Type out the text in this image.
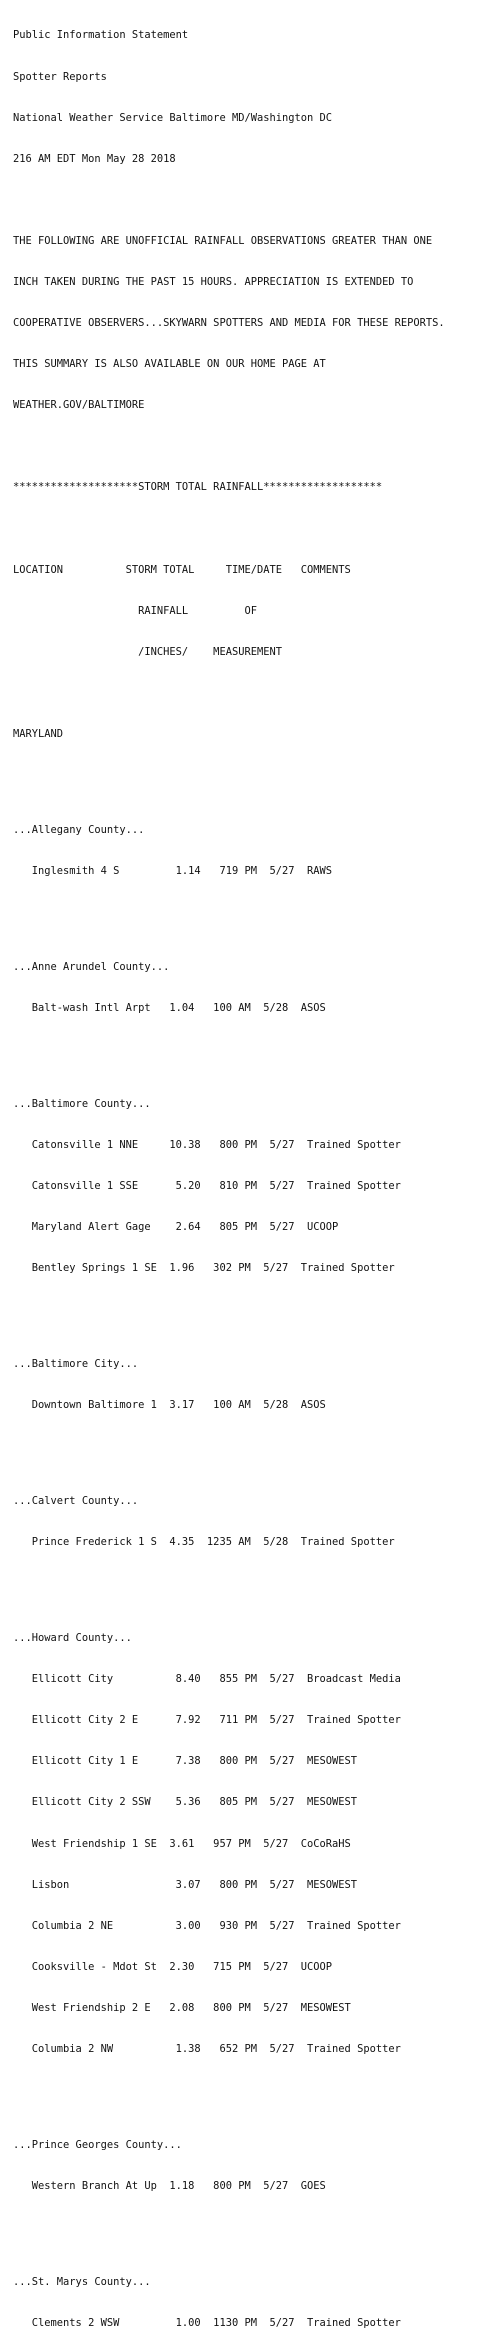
Public Information Statement

Spotter Reports

National Weather Service Baltimore MD/Washington DC

216 AM EDT Mon May 28 2018

THE FOLLOWING ARE UNOFFICIAL RAINFALL OBSERVATIONS GREATER THAN ONE

INCH TAKEN DURING THE PAST 15 HOURS. APPRECIATION IS EXTENDED TO

COOPERATIVE OBSERVERS...SKYWARN SPOTTERS AND MEDIA FOR THESE REPORTS.

THIS SUMMARY IS ALSO AVAILABLE ON OUR HOME PAGE AT

WEATHER.GOV/BALTIMORE

********************STORM TOTAL RAINFALL*******************

LOCATION          STORM TOTAL     TIME/DATE   COMMENTS

RAINFALL         OF

/INCHES/    MEASUREMENT

MARYLAND

...Allegany County...

Inglesmith 4 S         1.14   719 PM  5/27  RAWS

...Anne Arundel County...

Balt-wash Intl Arpt   1.04   100 AM  5/28  ASOS

...Baltimore County...

Catonsville 1 NNE     10.38   800 PM  5/27  Trained Spotter

Catonsville 1 SSE      5.20   810 PM  5/27  Trained Spotter

Maryland Alert Gage    2.64   805 PM  5/27  UCOOP

Bentley Springs 1 SE  1.96   302 PM  5/27  Trained Spotter

...Baltimore City...

Downtown Baltimore 1  3.17   100 AM  5/28  ASOS

...Calvert County...

Prince Frederick 1 S  4.35  1235 AM  5/28  Trained Spotter

...Howard County...

Ellicott City          8.40   855 PM  5/27  Broadcast Media

Ellicott City 2 E      7.92   711 PM  5/27  Trained Spotter

Ellicott City 1 E      7.38   800 PM  5/27  MESOWEST

Ellicott City 2 SSW    5.36   805 PM  5/27  MESOWEST

West Friendship 1 SE  3.61   957 PM  5/27  CoCoRaHS

Lisbon                 3.07   800 PM  5/27  MESOWEST

Columbia 2 NE          3.00   930 PM  5/27  Trained Spotter

Cooksville - Mdot St  2.30   715 PM  5/27  UCOOP

West Friendship 2 E   2.08   800 PM  5/27  MESOWEST

Columbia 2 NW          1.38   652 PM  5/27  Trained Spotter

...Prince Georges County...

Western Branch At Up  1.18   800 PM  5/27  GOES

...St. Marys County...

Clements 2 WSW         1.00  1130 PM  5/27  Trained Spotter
